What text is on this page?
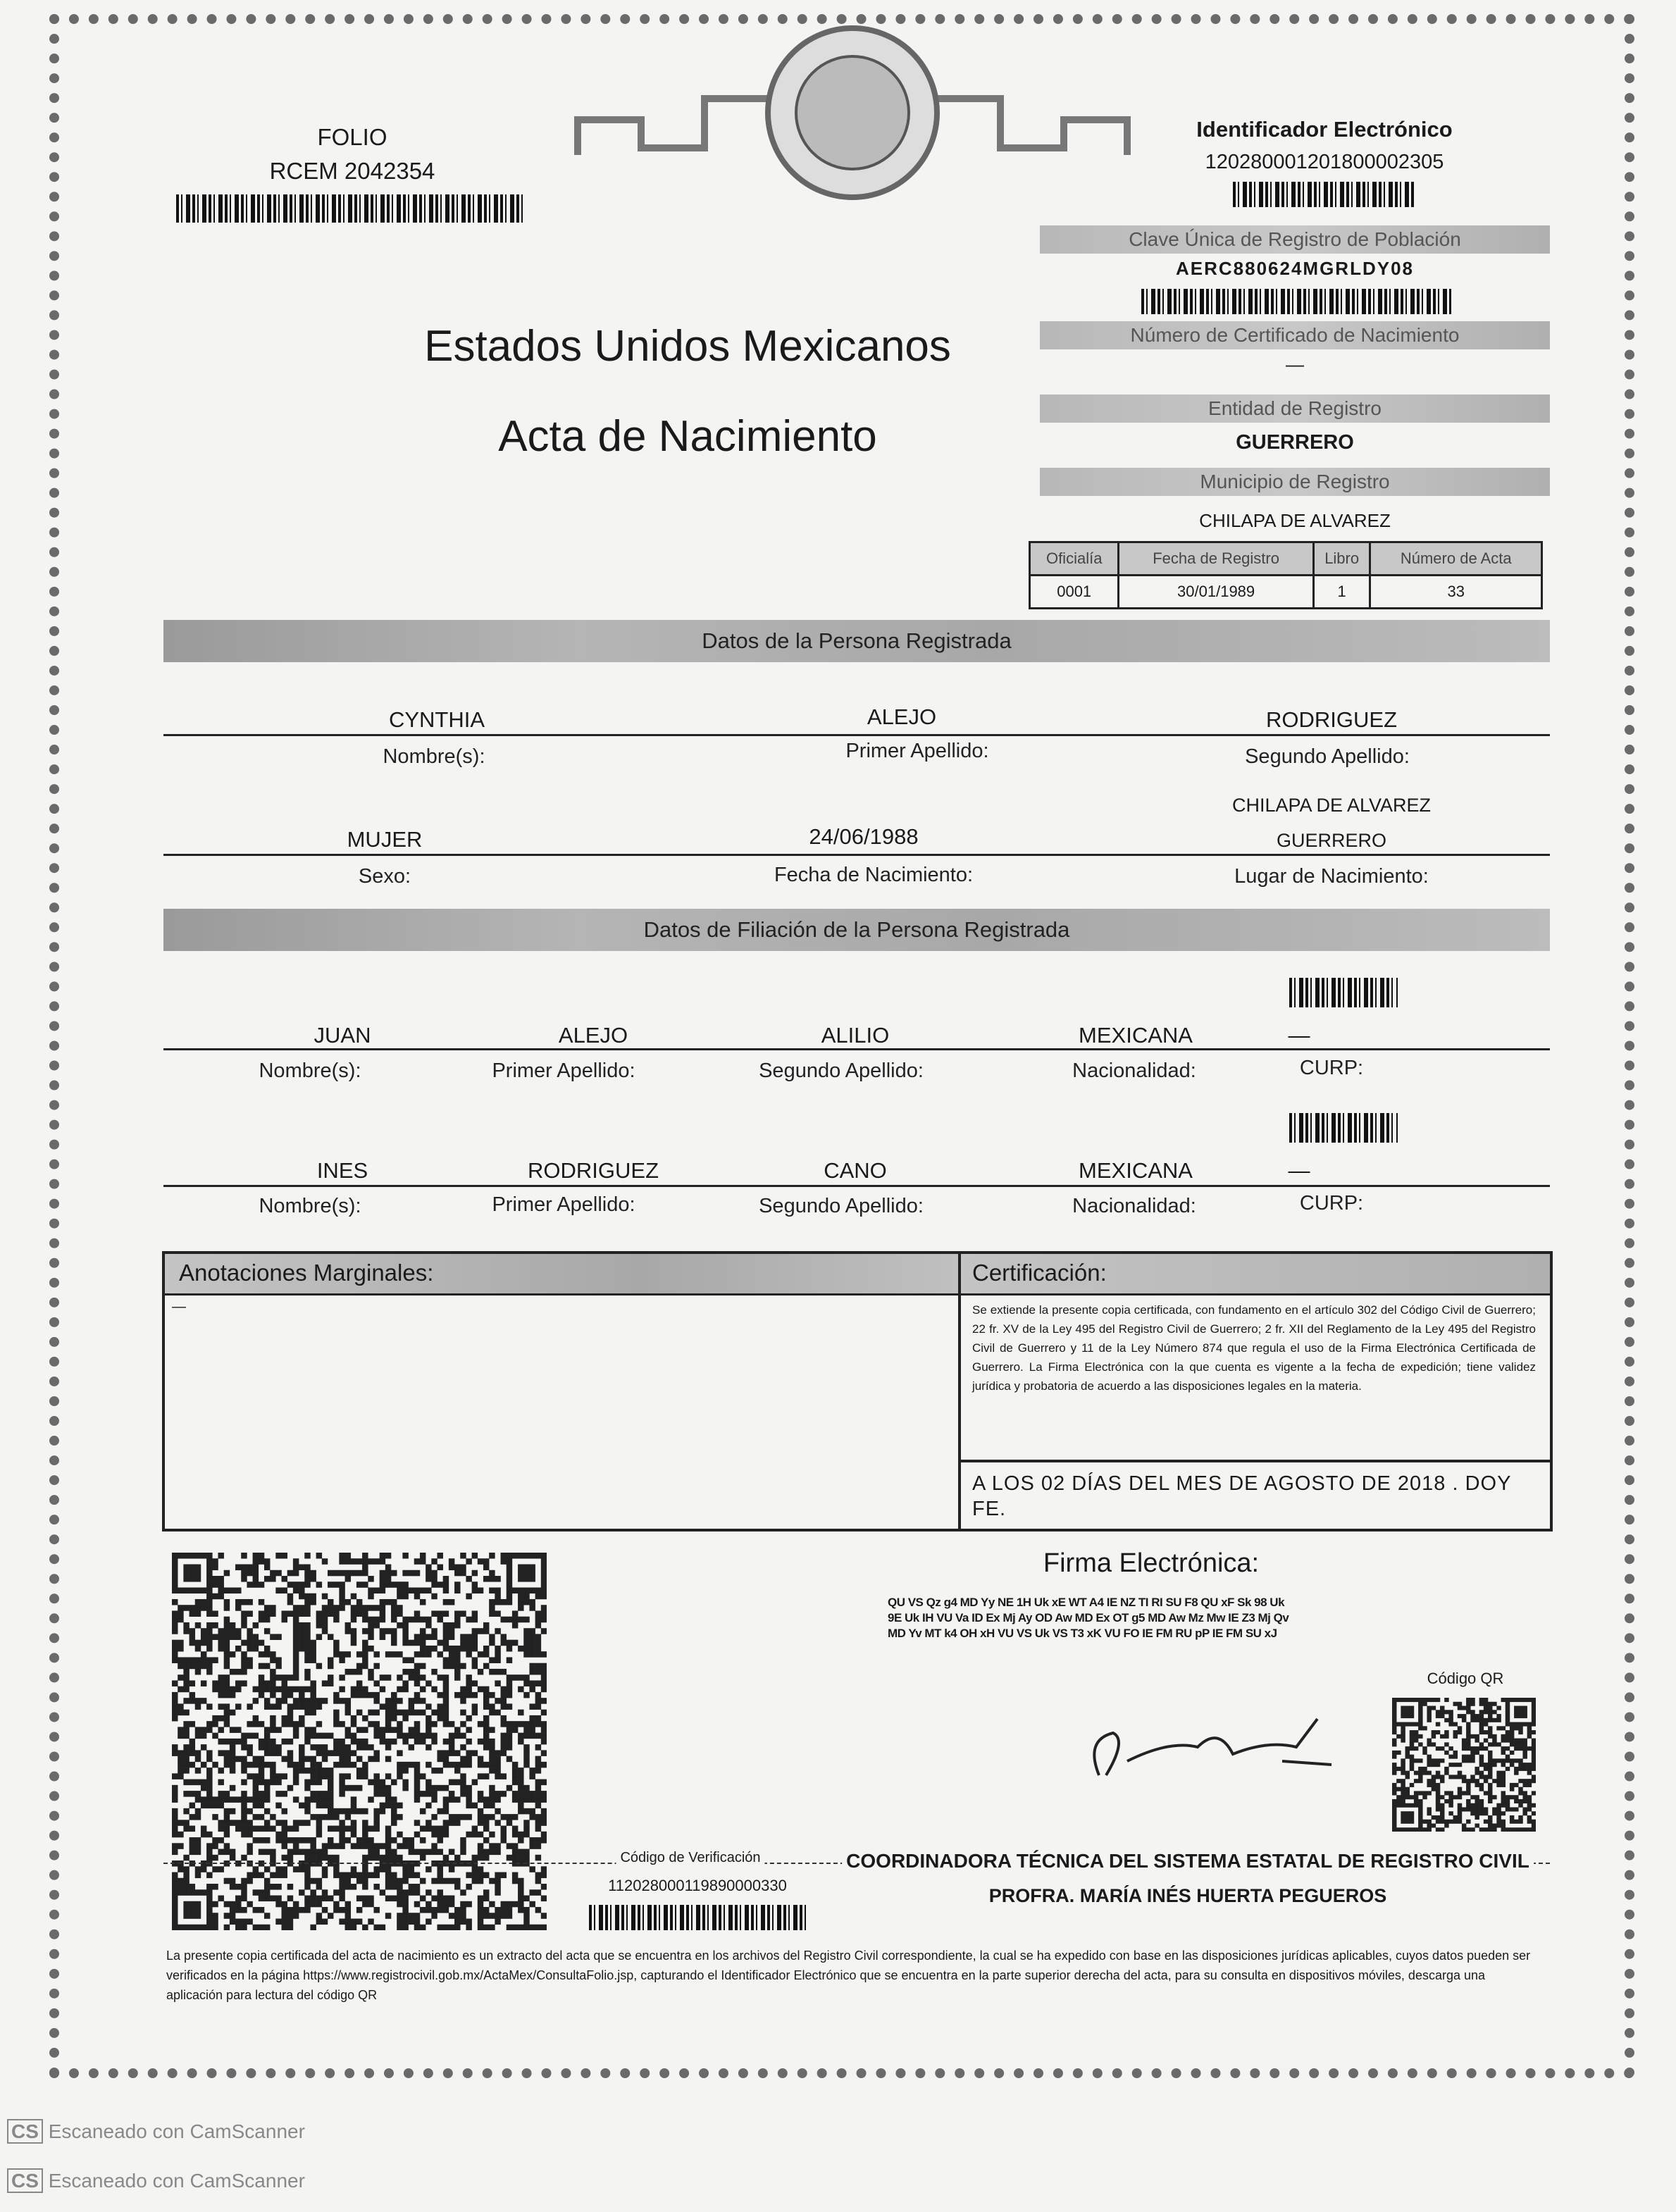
FOLIO
RCEM 2042354
Estados Unidos Mexicanos
Acta de Nacimiento
Identificador Electrónico
120280001201800002305
Clave Única de Registro de Población
AERC880624MGRLDY08
Número de Certificado de Nacimiento
—
Entidad de Registro
GUERRERO
Municipio de Registro
CHILAPA DE ALVAREZ
Oficialía	Fecha de Registro	Libro	Número de Acta
0001	30/01/1989	1	33
Datos de la Persona Registrada
CYNTHIA	ALEJO	RODRIGUEZ
Nombre(s):	Primer Apellido:	Segundo Apellido:
CHILAPA DE ALVAREZ
MUJER	24/06/1988	GUERRERO
Sexo:	Fecha de Nacimiento:	Lugar de Nacimiento:
Datos de Filiación de la Persona Registrada
JUAN	ALEJO	ALILIO	MEXICANA	—
Nombre(s):	Primer Apellido:	Segundo Apellido:	Nacionalidad:	CURP:
INES	RODRIGUEZ	CANO	MEXICANA	—
Nombre(s):	Primer Apellido:	Segundo Apellido:	Nacionalidad:	CURP:
Anotaciones Marginales:
—
Certificación:
Se extiende la presente copia certificada, con fundamento en el artículo 302 del Código Civil de Guerrero; 22 fr. XV de la Ley 495 del Registro Civil de Guerrero; 2 fr. XII del Reglamento de la Ley 495 del Registro Civil de Guerrero y 11 de la Ley Número 874 que regula el uso de la Firma Electrónica Certificada de Guerrero. La Firma Electrónica con la que cuenta es vigente a la fecha de expedición; tiene validez jurídica y probatoria de acuerdo a las disposiciones legales en la materia.
A LOS 02 DÍAS DEL MES DE AGOSTO DE 2018 . DOY FE.
Firma Electrónica:
QU VS Qz g4 MD Yy NE 1H Uk xE WT A4 IE NZ TI RI SU F8 QU xF Sk 98 Uk
9E Uk IH VU Va ID Ex Mj Ay OD Aw MD Ex OT g5 MD Aw Mz Mw IE Z3 Mj Qv
MD Yv MT k4 OH xH VU VS Uk VS T3 xK VU FO IE FM RU pP IE FM SU xJ
Código QR
Código de Verificación
112028000119890000330
COORDINADORA TÉCNICA DEL SISTEMA ESTATAL DE REGISTRO CIVIL
PROFRA. MARÍA INÉS HUERTA PEGUEROS
La presente copia certificada del acta de nacimiento es un extracto del acta que se encuentra en los archivos del Registro Civil correspondiente, la cual se ha expedido con base en las disposiciones jurídicas aplicables, cuyos datos pueden ser verificados en la página https://www.registrocivil.gob.mx/ActaMex/ConsultaFolio.jsp, capturando el Identificador Electrónico que se encuentra en la parte superior derecha del acta, para su consulta en dispositivos móviles, descarga una aplicación para lectura del código QR
CS Escaneado con CamScanner
CS Escaneado con CamScanner
